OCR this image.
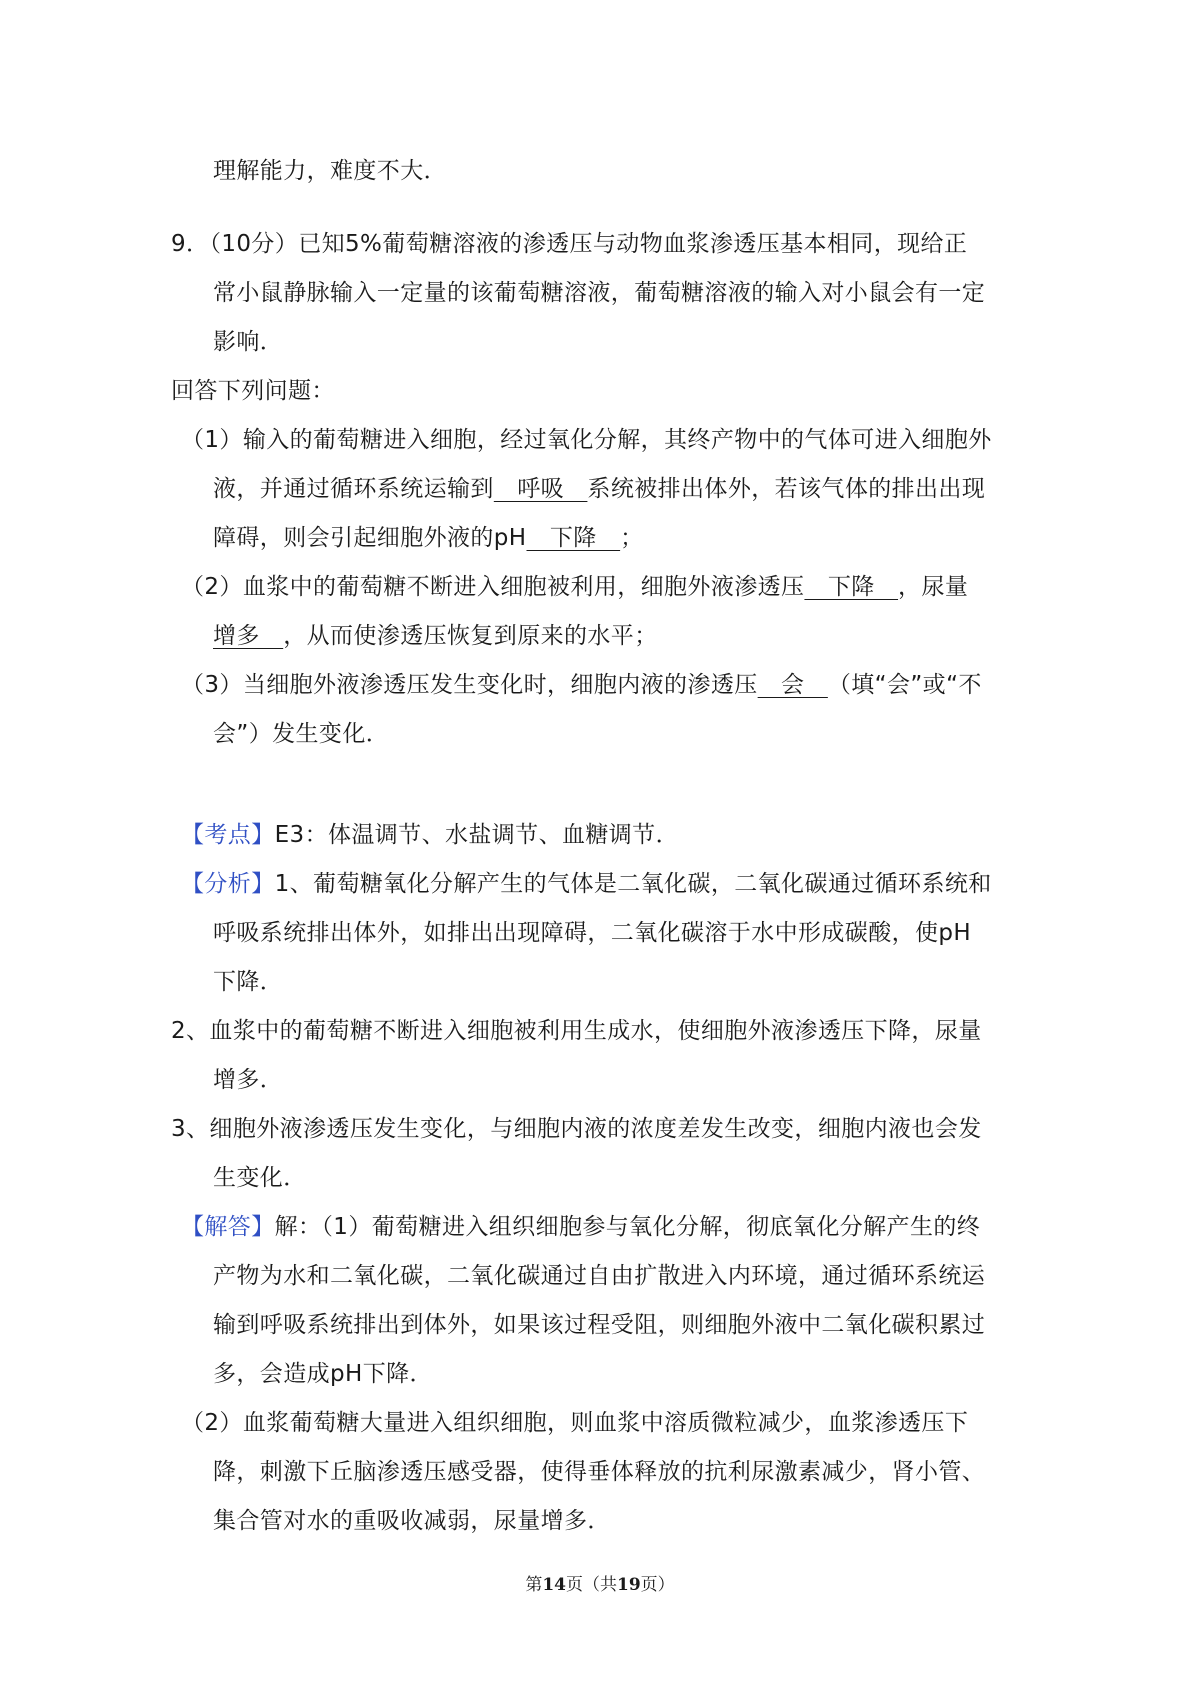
理解能力，难度不大．
9．（10分）已知5%葡萄糖溶液的渗透压与动物血浆渗透压基本相同，现给正
常小鼠静脉输入一定量的该葡萄糖溶液，葡萄糖溶液的输入对小鼠会有一定
影响．
回答下列问题：
（1）输入的葡萄糖进入细胞，经过氧化分解，其终产物中的气体可进入细胞外
液，并通过循环系统运输到　呼吸　系统被排出体外，若该气体的排出出现
障碍，则会引起细胞外液的pH　下降　；
（2）血浆中的葡萄糖不断进入细胞被利用，细胞外液渗透压　下降　，尿量
增多　，从而使渗透压恢复到原来的水平；
（3）当细胞外液渗透压发生变化时，细胞内液的渗透压　会　（填“会”或“不
会”）发生变化．
【考点】E3：体温调节、水盐调节、血糖调节．
【分析】1、葡萄糖氧化分解产生的气体是二氧化碳，二氧化碳通过循环系统和
呼吸系统排出体外，如排出出现障碍，二氧化碳溶于水中形成碳酸，使pH
下降．
2、血浆中的葡萄糖不断进入细胞被利用生成水，使细胞外液渗透压下降，尿量
增多．
3、细胞外液渗透压发生变化，与细胞内液的浓度差发生改变，细胞内液也会发
生变化．
【解答】解：（1）葡萄糖进入组织细胞参与氧化分解，彻底氧化分解产生的终
产物为水和二氧化碳，二氧化碳通过自由扩散进入内环境，通过循环系统运
输到呼吸系统排出到体外，如果该过程受阻，则细胞外液中二氧化碳积累过
多，会造成pH下降．
（2）血浆葡萄糖大量进入组织细胞，则血浆中溶质微粒减少，血浆渗透压下
降，刺激下丘脑渗透压感受器，使得垂体释放的抗利尿激素减少，肾小管、
集合管对水的重吸收减弱，尿量增多．
第14页（共19页）
